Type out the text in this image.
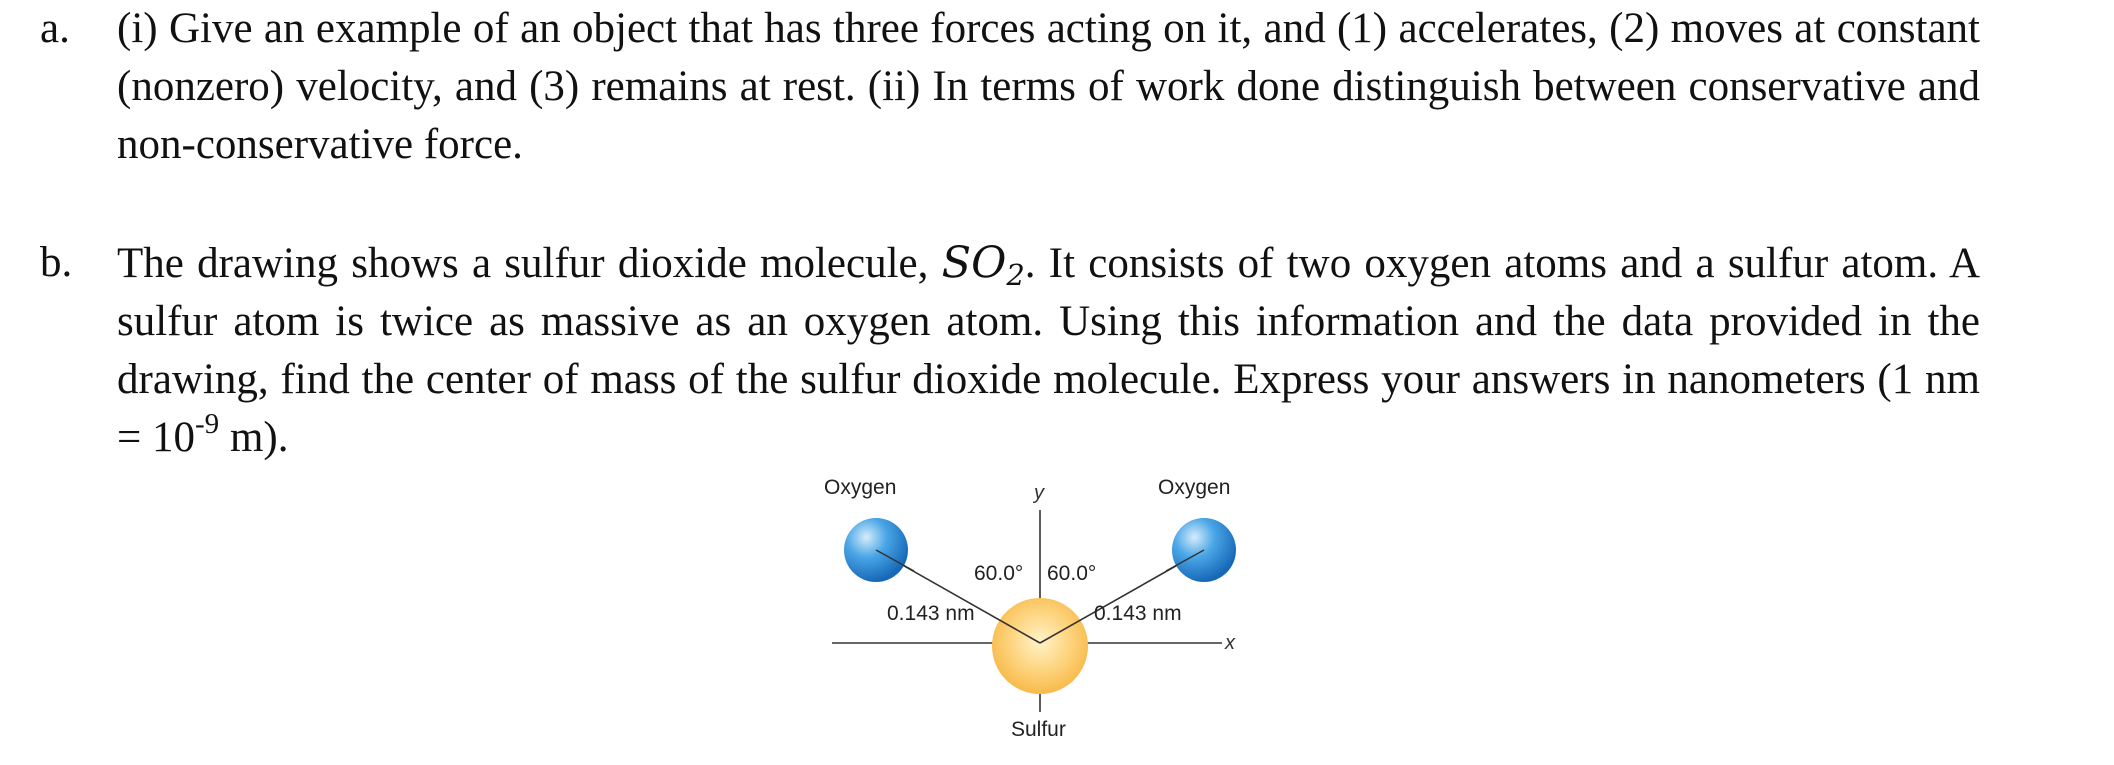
a. (i) Give an example of an object that has three forces acting on it, and (1) accelerates, (2) moves at constant (nonzero) velocity, and (3) remains at rest. (ii) In terms of work done distinguish between conservative and non-conservative force.
b. The drawing shows a sulfur dioxide molecule, $SO_2$. It consists of two oxygen atoms and a sulfur atom. A sulfur atom is twice as massive as an oxygen atom. Using this information and the data provided in the drawing, find the center of mass of the sulfur dioxide molecule. Express your answers in nanometers (1 nm = $10^{-9}$ m).
Oxygen	Oxygen
y
x
60.0° 60.0°
0.143 nm	0.143 nm
Sulfur
